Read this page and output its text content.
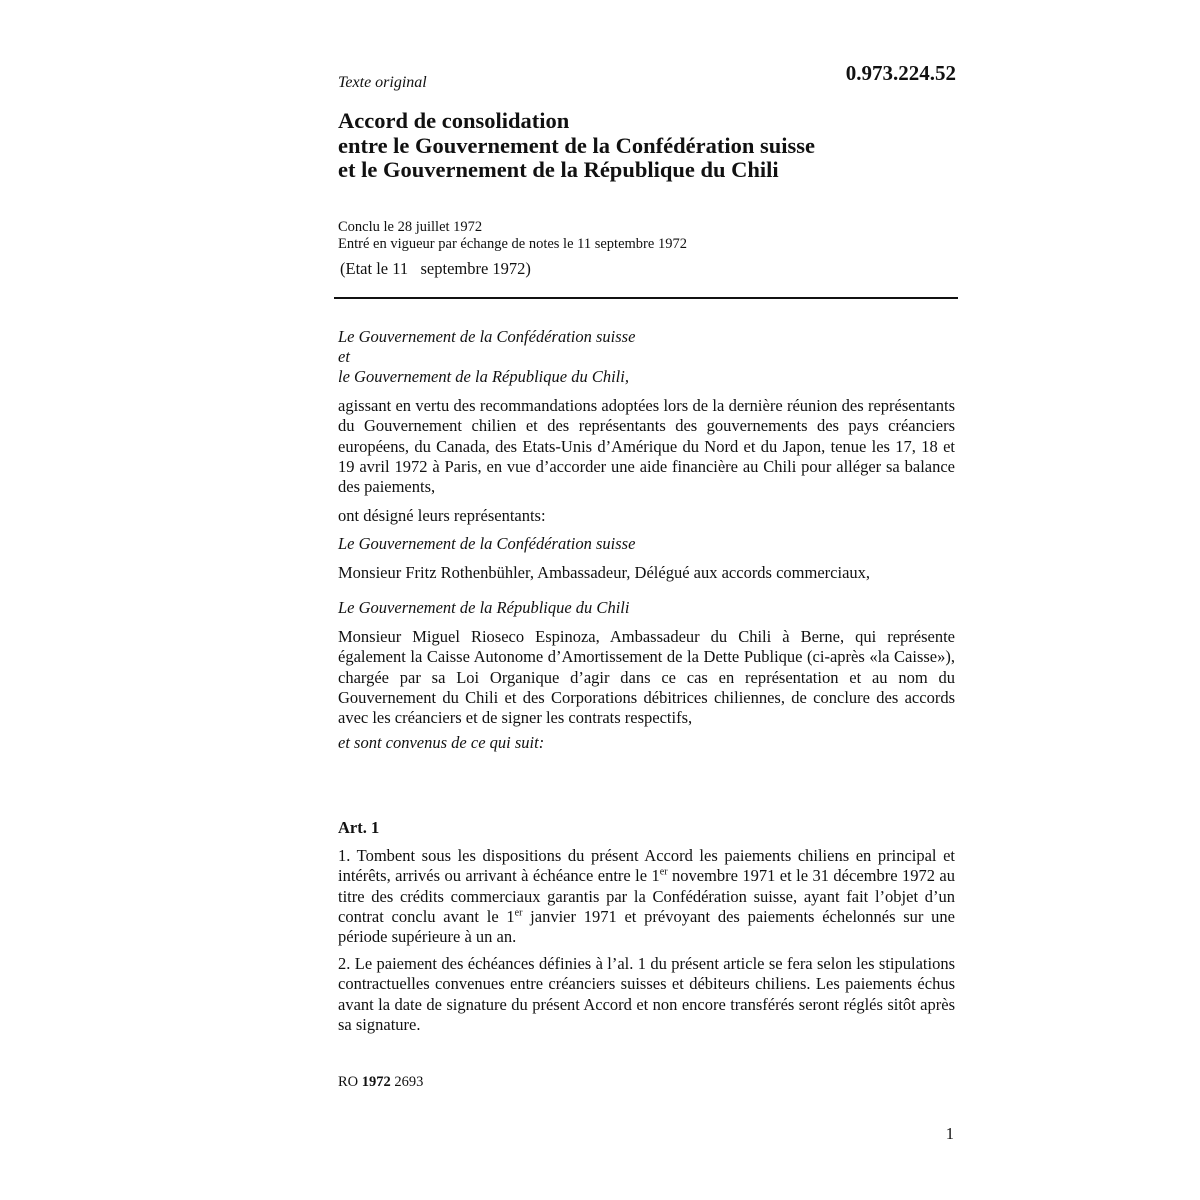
Texte original	0.973.224.52
Accord de consolidation
entre le Gouvernement de la Confédération suisse
et le Gouvernement de la République du Chili
Conclu le 28 juillet 1972
Entré en vigueur par échange de notes le 11 septembre 1972
(Etat le 11   septembre 1972)
Le Gouvernement de la Confédération suisse
et
le Gouvernement de la République du Chili,
agissant en vertu des recommandations adoptées lors de la dernière réunion des représentants du Gouvernement chilien et des représentants des gouvernements des pays créanciers européens, du Canada, des Etats-Unis d’Amérique du Nord et du Japon, tenue les 17, 18 et 19 avril 1972 à Paris, en vue d’accorder une aide financière au Chili pour alléger sa balance des paiements,
ont désigné leurs représentants:
Le Gouvernement de la Confédération suisse
Monsieur Fritz Rothenbühler, Ambassadeur, Délégué aux accords commerciaux,
Le Gouvernement de la République du Chili
Monsieur Miguel Rioseco Espinoza, Ambassadeur du Chili à Berne, qui représente également la Caisse Autonome d’Amortissement de la Dette Publique (ci-après «la Caisse»), chargée par sa Loi Organique d’agir dans ce cas en représentation et au nom du Gouvernement du Chili et des Corporations débitrices chiliennes, de conclure des accords avec les créanciers et de signer les contrats respectifs,
et sont convenus de ce qui suit:
Art. 1
1. Tombent sous les dispositions du présent Accord les paiements chiliens en principal et intérêts, arrivés ou arrivant à échéance entre le 1er novembre 1971 et le 31 décembre 1972 au titre des crédits commerciaux garantis par la Confédération suisse, ayant fait l’objet d’un contrat conclu avant le 1er janvier 1971 et prévoyant des paiements échelonnés sur une période supérieure à un an.
2. Le paiement des échéances définies à l’al. 1 du présent article se fera selon les stipulations contractuelles convenues entre créanciers suisses et débiteurs chiliens. Les paiements échus avant la date de signature du présent Accord et non encore transférés seront réglés sitôt après sa signature.
RO 1972 2693
1
